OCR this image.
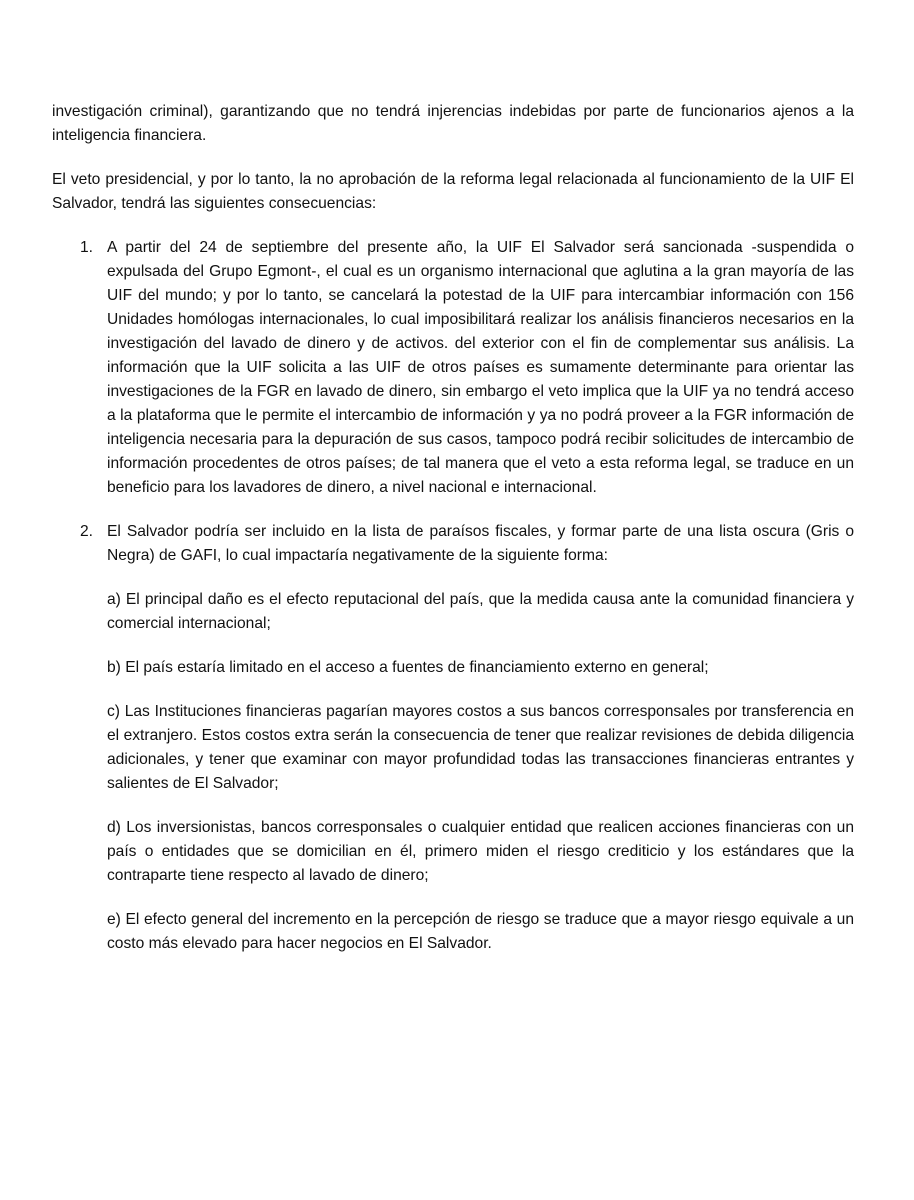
investigación criminal), garantizando que no tendrá injerencias indebidas por parte de funcionarios ajenos a la inteligencia financiera.

El veto presidencial, y por lo tanto, la no aprobación de la reforma legal relacionada al funcionamiento de la UIF El Salvador, tendrá las siguientes consecuencias:

1. A partir del 24 de septiembre del presente año, la UIF El Salvador será sancionada -suspendida o expulsada del Grupo Egmont-, el cual es un organismo internacional que aglutina a la gran mayoría de las UIF del mundo; y por lo tanto, se cancelará la potestad de la UIF para intercambiar información con 156 Unidades homólogas internacionales, lo cual imposibilitará realizar los análisis financieros necesarios en la investigación del lavado de dinero y de activos. del exterior con el fin de complementar sus análisis. La información que la UIF solicita a las UIF de otros países es sumamente determinante para orientar las investigaciones de la FGR en lavado de dinero, sin embargo el veto implica que la UIF ya no tendrá acceso a la plataforma que le permite el intercambio de información y ya no podrá proveer a la FGR información de inteligencia necesaria para la depuración de sus casos, tampoco podrá recibir solicitudes de intercambio de información procedentes de otros países; de tal manera que el veto a esta reforma legal, se traduce en un beneficio para los lavadores de dinero, a nivel nacional e internacional.
2. El Salvador podría ser incluido en la lista de paraísos fiscales, y formar parte de una lista oscura (Gris o Negra) de GAFI, lo cual impactaría negativamente de la siguiente forma:
a) El principal daño es el efecto reputacional del país, que la medida causa ante la comunidad financiera y comercial internacional;
b) El país estaría limitado en el acceso a fuentes de financiamiento externo en general;
c) Las Instituciones financieras pagarían mayores costos a sus bancos corresponsales por transferencia en el extranjero. Estos costos extra serán la consecuencia de tener que realizar revisiones de debida diligencia adicionales, y tener que examinar con mayor profundidad todas las transacciones financieras entrantes y salientes de El Salvador;
d) Los inversionistas, bancos corresponsales o cualquier entidad que realicen acciones financieras con un país o entidades que se domicilian en él, primero miden el riesgo crediticio y los estándares que la contraparte tiene respecto al lavado de dinero;
e) El efecto general del incremento en la percepción de riesgo se traduce que a mayor riesgo equivale a un costo más elevado para hacer negocios en El Salvador.
